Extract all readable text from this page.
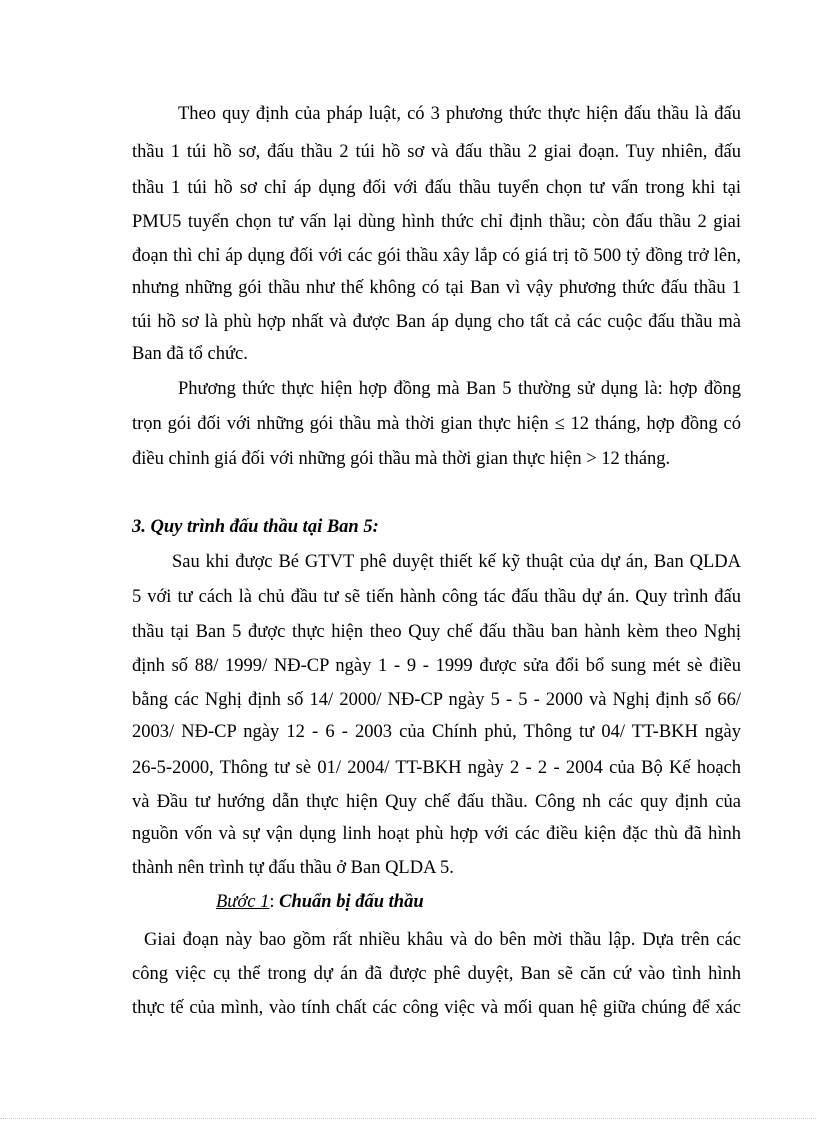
Theo quy định của pháp luật, có 3 phương thức thực hiện đấu thầu là đấu
thầu 1 túi hồ sơ, đấu thầu 2 túi hồ sơ và đấu thầu 2 giai đoạn. Tuy nhiên, đấu
thầu 1 túi hồ sơ chỉ áp dụng đối với đấu thầu tuyển chọn tư vấn trong khi tại
PMU5 tuyển chọn tư vấn lại dùng hình thức chỉ định thầu; còn đấu thầu 2 giai
đoạn thì chỉ áp dụng đối với các gói thầu xây lắp có giá trị tõ 500 tỷ đồng trở lên,
nhưng những gói thầu như thế không có tại Ban vì vậy phương thức đấu thầu 1
túi hồ sơ là phù hợp nhất và được Ban áp dụng cho tất cả các cuộc đấu thầu mà
Ban đã tổ chức.
Phương thức thực hiện hợp đồng mà Ban 5 thường sử dụng là: hợp đồng
trọn gói đối với những gói thầu mà thời gian thực hiện ≤ 12 tháng, hợp đồng có
điều chỉnh giá đối với những gói thầu mà thời gian thực hiện > 12 tháng.
3. Quy trình đấu thầu tại Ban 5:
Sau khi được Bé GTVT phê duyệt thiết kế kỹ thuật của dự án, Ban QLDA
5 với tư cách là chủ đầu tư sẽ tiến hành công tác đấu thầu dự án. Quy trình đấu
thầu tại Ban 5 được thực hiện theo Quy chế đấu thầu ban hành kèm theo Nghị
định số 88/ 1999/ NĐ-CP ngày 1 - 9 - 1999 được sửa đổi bổ sung mét sè điều
bằng các Nghị định số 14/ 2000/ NĐ-CP ngày 5 - 5 - 2000 và Nghị định số 66/
2003/ NĐ-CP ngày 12 - 6 - 2003 của Chính phủ, Thông tư 04/ TT-BKH ngày
26-5-2000, Thông tư sè 01/ 2004/ TT-BKH ngày 2 - 2 - 2004 của Bộ Kế hoạch
và Đầu tư hướng dẫn thực hiện Quy chế đấu thầu. Công nh các quy định của
nguồn vốn và sự vận dụng linh hoạt phù hợp với các điều kiện đặc thù đã hình
thành nên trình tự đấu thầu ở Ban QLDA 5.
Bước 1: Chuẩn bị đấu thầu
Giai đoạn này bao gồm rất nhiều khâu và do bên mời thầu lập. Dựa trên các
công việc cụ thể trong dự án đã được phê duyệt, Ban sẽ căn cứ vào tình hình
thực tế của mình, vào tính chất các công việc và mối quan hệ giữa chúng để xác
